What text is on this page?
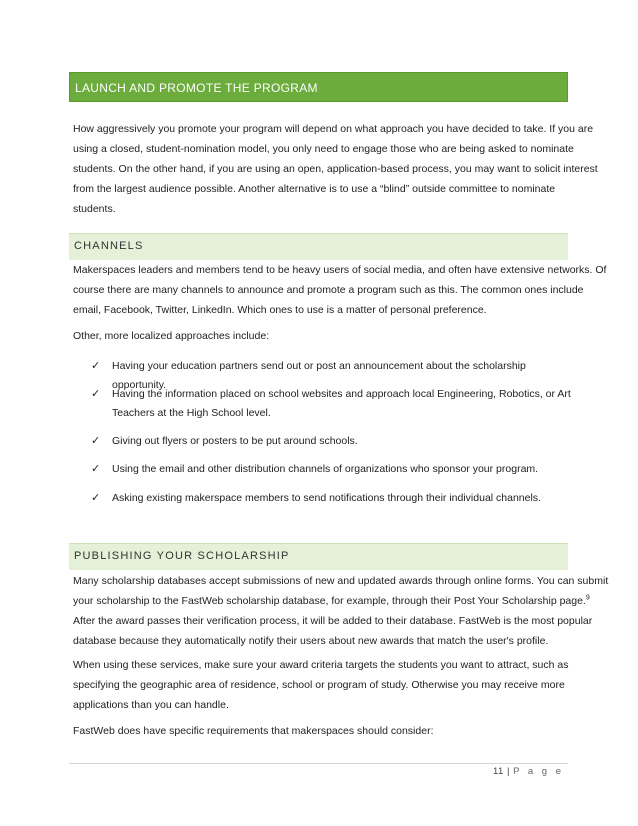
LAUNCH AND PROMOTE THE PROGRAM
How aggressively you promote your program will depend on what approach you have decided to take. If you are
using a closed, student-nomination model, you only need to engage those who are being asked to nominate
students. On the other hand, if you are using an open, application-based process, you may want to solicit interest
from the largest audience possible. Another alternative is to use a “blind” outside committee to nominate
students.
CHANNELS
Makerspaces leaders and members tend to be heavy users of social media, and often have extensive networks. Of
course there are many channels to announce and promote a program such as this. The common ones include
email, Facebook, Twitter, LinkedIn. Which ones to use is a matter of personal preference.
Other, more localized approaches include:
✓ Having your education partners send out or post an announcement about the scholarship opportunity.
✓ Having the information placed on school websites and approach local Engineering, Robotics, or Art
Teachers at the High School level.
✓ Giving out flyers or posters to be put around schools.
✓ Using the email and other distribution channels of organizations who sponsor your program.
✓ Asking existing makerspace members to send notifications through their individual channels.
PUBLISHING YOUR SCHOLARSHIP
Many scholarship databases accept submissions of new and updated awards through online forms. You can submit
your scholarship to the FastWeb scholarship database, for example, through their Post Your Scholarship page.$^9$
After the award passes their verification process, it will be added to their database. FastWeb is the most popular
database because they automatically notify their users about new awards that match the user's profile.
When using these services, make sure your award criteria targets the students you want to attract, such as
specifying the geographic area of residence, school or program of study. Otherwise you may receive more
applications than you can handle.
FastWeb does have specific requirements that makerspaces should consider:
11 | P a g e
